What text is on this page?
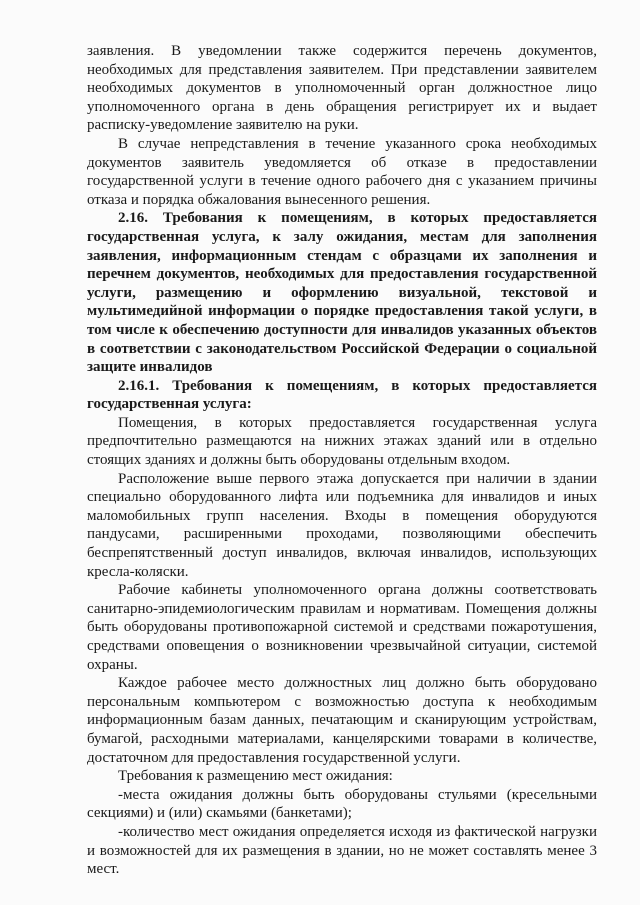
заявления. В уведомлении также содержится перечень документов, необходимых для представления заявителем. При представлении заявителем необходимых документов в уполномоченный орган должностное лицо уполномоченного органа в день обращения регистрирует их и выдает расписку-уведомление заявителю на руки.

В случае непредставления в течение указанного срока необходимых документов заявитель уведомляется об отказе в предоставлении государственной услуги в течение одного рабочего дня с указанием причины отказа и порядка обжалования вынесенного решения.

2.16. Требования к помещениям, в которых предоставляется государственная услуга, к залу ожидания, местам для заполнения заявления, информационным стендам с образцами их заполнения и перечнем документов, необходимых для предоставления государственной услуги, размещению и оформлению визуальной, текстовой и мультимедийной информации о порядке предоставления такой услуги, в том числе к обеспечению доступности для инвалидов указанных объектов в соответствии с законодательством Российской Федерации о социальной защите инвалидов

2.16.1. Требования к помещениям, в которых предоставляется государственная услуга:

Помещения, в которых предоставляется государственная услуга предпочтительно размещаются на нижних этажах зданий или в отдельно стоящих зданиях и должны быть оборудованы отдельным входом.

Расположение выше первого этажа допускается при наличии в здании специально оборудованного лифта или подъемника для инвалидов и иных маломобильных групп населения. Входы в помещения оборудуются пандусами, расширенными проходами, позволяющими обеспечить беспрепятственный доступ инвалидов, включая инвалидов, использующих кресла-коляски.

Рабочие кабинеты уполномоченного органа должны соответствовать санитарно-эпидемиологическим правилам и нормативам. Помещения должны быть оборудованы противопожарной системой и средствами пожаротушения, средствами оповещения о возникновении чрезвычайной ситуации, системой охраны.

Каждое рабочее место должностных лиц должно быть оборудовано персональным компьютером с возможностью доступа к необходимым информационным базам данных, печатающим и сканирующим устройствам, бумагой, расходными материалами, канцелярскими товарами в количестве, достаточном для предоставления государственной услуги.

Требования к размещению мест ожидания:

-места ожидания должны быть оборудованы стульями (кресельными секциями) и (или) скамьями (банкетами);

-количество мест ожидания определяется исходя из фактической нагрузки и возможностей для их размещения в здании, но не может составлять менее 3 мест.
